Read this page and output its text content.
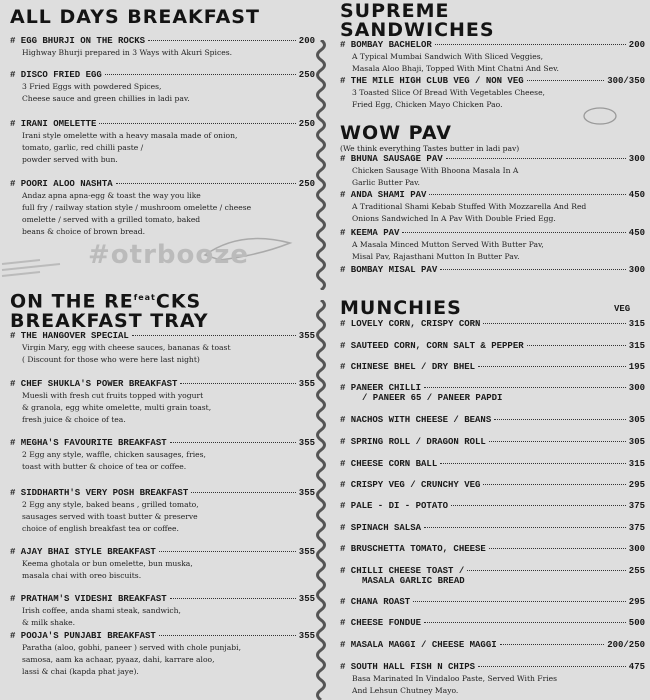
ALL DAYS BREAKFAST
# EGG BHURJI ON THE ROCKS	200
Highway Bhurji prepared in 3 Ways with Akuri Spices.
# DISCO FRIED EGG	250
3 Fried Eggs with powdered Spices,
Cheese sauce and green chillies in ladi pav.
# IRANI OMELETTE	250
Irani style omelette with a heavy masala made of onion,
tomato, garlic, red chilli paste /
powder served with bun.
# POORI ALOO NASHTA	250
Andaz apna apna-egg & toast the way you like
full fry / railway station style / mushroom omelette / cheese
omelette / served with a grilled tomato, baked
beans & choice of brown bread.
#otrbooze
ON THE $RE^{feat}CKS$
BREAKFAST TRAY
# THE HANGOVER SPECIAL	355
Virgin Mary, egg with cheese sauces, bananas & toast
( Discount for those who were here last night)
# CHEF SHUKLA'S POWER BREAKFAST	355
Muesli with fresh cut fruits topped with yogurt
& granola, egg white omelette, multi grain toast,
fresh juice & choice of tea.
# MEGHA'S FAVOURITE BREAKFAST	355
2 Egg any style, waffle, chicken sausages, fries,
toast with butter & choice of tea or coffee.
# SIDDHARTH'S VERY POSH BREAKFAST	355
2 Egg any style, baked beans , grilled tomato,
sausages served with toast butter & preserve
choice of english breakfast tea or coffee.
# AJAY BHAI STYLE BREAKFAST	355
Keema ghotala or bun omelette, bun muska,
masala chai with oreo biscuits.
# PRATHAM'S VIDESHI BREAKFAST	355
Irish coffee, anda shami steak, sandwich,
& milk shake.
# POOJA'S PUNJABI BREAKFAST	355
Paratha (aloo, gobhi, paneer ) served with chole punjabi,
samosa, aam ka achaar, pyaaz, dahi, karrare aloo,
lassi & chai (kapda phat jaye).
SUPREME
SANDWICHES
# BOMBAY BACHELOR	200
A Typical Mumbai Sandwich With Sliced Veggies,
Masala Aloo Bhaji, Topped With Mint Chatni And Sev.
# THE MILE HIGH CLUB VEG / NON VEG	300/350
3 Toasted Slice Of Bread With Vegetables Cheese,
Fried Egg, Chicken Mayo Chicken Pao.
WOW PAV
(We think everything Tastes butter in ladi pav)
# BHUNA SAUSAGE PAV	300
Chicken Sausage With Bhoona Masala In A
Garlic Butter Pav.
# ANDA SHAMI PAV	450
A Traditional Shami Kebab Stuffed With Mozzarella And Red
Onions Sandwiched In A Pav With Double Fried Egg.
# KEEMA PAV	450
A Masala Minced Mutton Served With Butter Pav,
Misal Pav, Rajasthani Mutton In Butter Pav.
# BOMBAY MISAL PAV	300
MUNCHIES	VEG
# LOVELY CORN, CRISPY CORN	315
# SAUTEED CORN, CORN SALT & PEPPER	315
# CHINESE BHEL / DRY BHEL	195
# PANEER CHILLI	300
/ PANEER 65 / PANEER PAPDI
# NACHOS WITH CHEESE / BEANS	305
# SPRING ROLL / DRAGON ROLL	305
# CHEESE CORN BALL	315
# CRISPY VEG / CRUNCHY VEG	295
# PALE - DI - POTATO	375
# SPINACH SALSA	375
# BRUSCHETTA TOMATO, CHEESE	300
# CHILLI CHEESE TOAST /	255
MASALA GARLIC BREAD
# CHANA ROAST	295
# CHEESE FONDUE	500
# MASALA MAGGI / CHEESE MAGGI	200/250
# SOUTH HALL FISH N CHIPS	475
Basa Marinated In Vindaloo Paste, Served With Fries
And Lehsun Chutney Mayo.
